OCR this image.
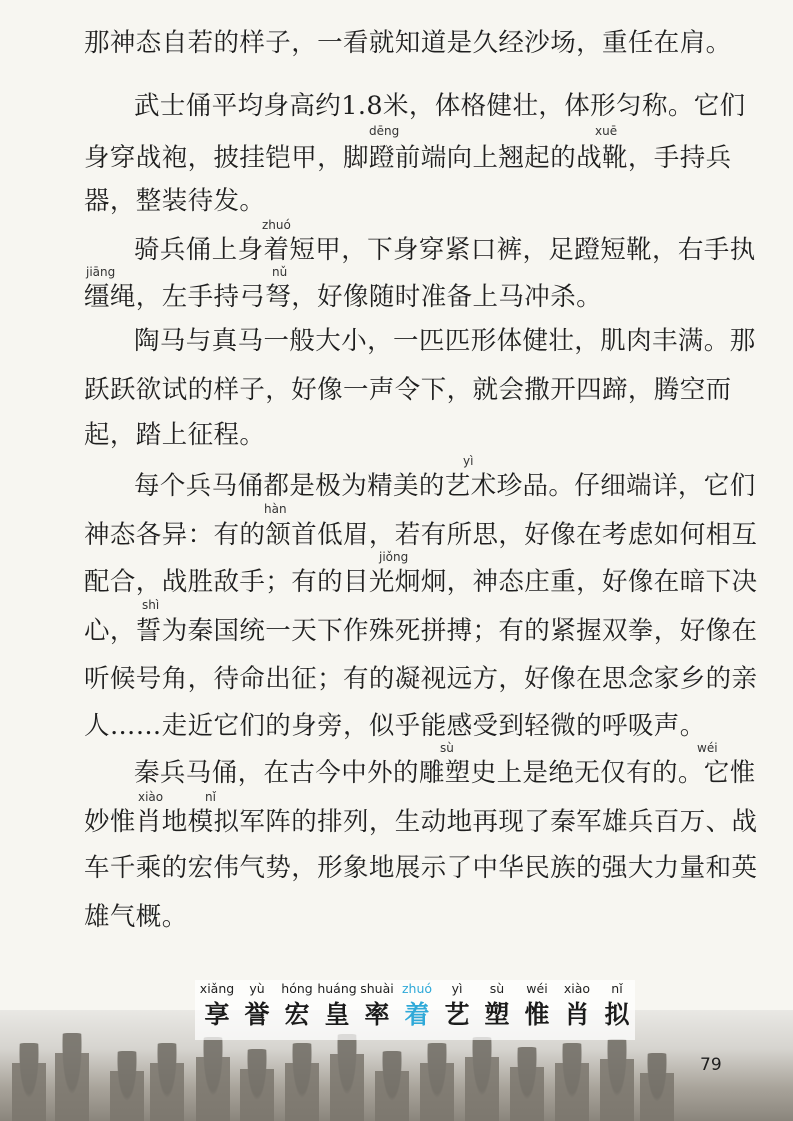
那神态自若的样子，一看就知道是久经沙场，重任在肩。
武士俑平均身高约1.8米，体格健壮，体形匀称。它们
身穿战袍，披挂铠甲，脚蹬前端向上翘起的战靴，手持兵
器，整装待发。
骑兵俑上身着短甲，下身穿紧口裤，足蹬短靴，右手执
缰绳，左手持弓弩，好像随时准备上马冲杀。
陶马与真马一般大小，一匹匹形体健壮，肌肉丰满。那
跃跃欲试的样子，好像一声令下，就会撒开四蹄，腾空而
起，踏上征程。
每个兵马俑都是极为精美的艺术珍品。仔细端详，它们
神态各异：有的颔首低眉，若有所思，好像在考虑如何相互
配合，战胜敌手；有的目光炯炯，神态庄重，好像在暗下决
心，誓为秦国统一天下作殊死拼搏；有的紧握双拳，好像在
听候号角，待命出征；有的凝视远方，好像在思念家乡的亲
人……走近它们的身旁，似乎能感受到轻微的呼吸声。
秦兵马俑，在古今中外的雕塑史上是绝无仅有的。它惟
妙惟肖地模拟军阵的排列，生动地再现了秦军雄兵百万、战
车千乘的宏伟气势，形象地展示了中华民族的强大力量和英
雄气概。
dēng	xuē
zhuó
jiāng	nǔ
yì
hàn
jiǒng
shì
sù	wéi
xiào	nǐ
xiǎng
享
yù
誉
hóng
宏
huáng
皇
shuài
率
zhuó
着
yì
艺
sù
塑
wéi
惟
xiào
肖
nǐ
拟
79
